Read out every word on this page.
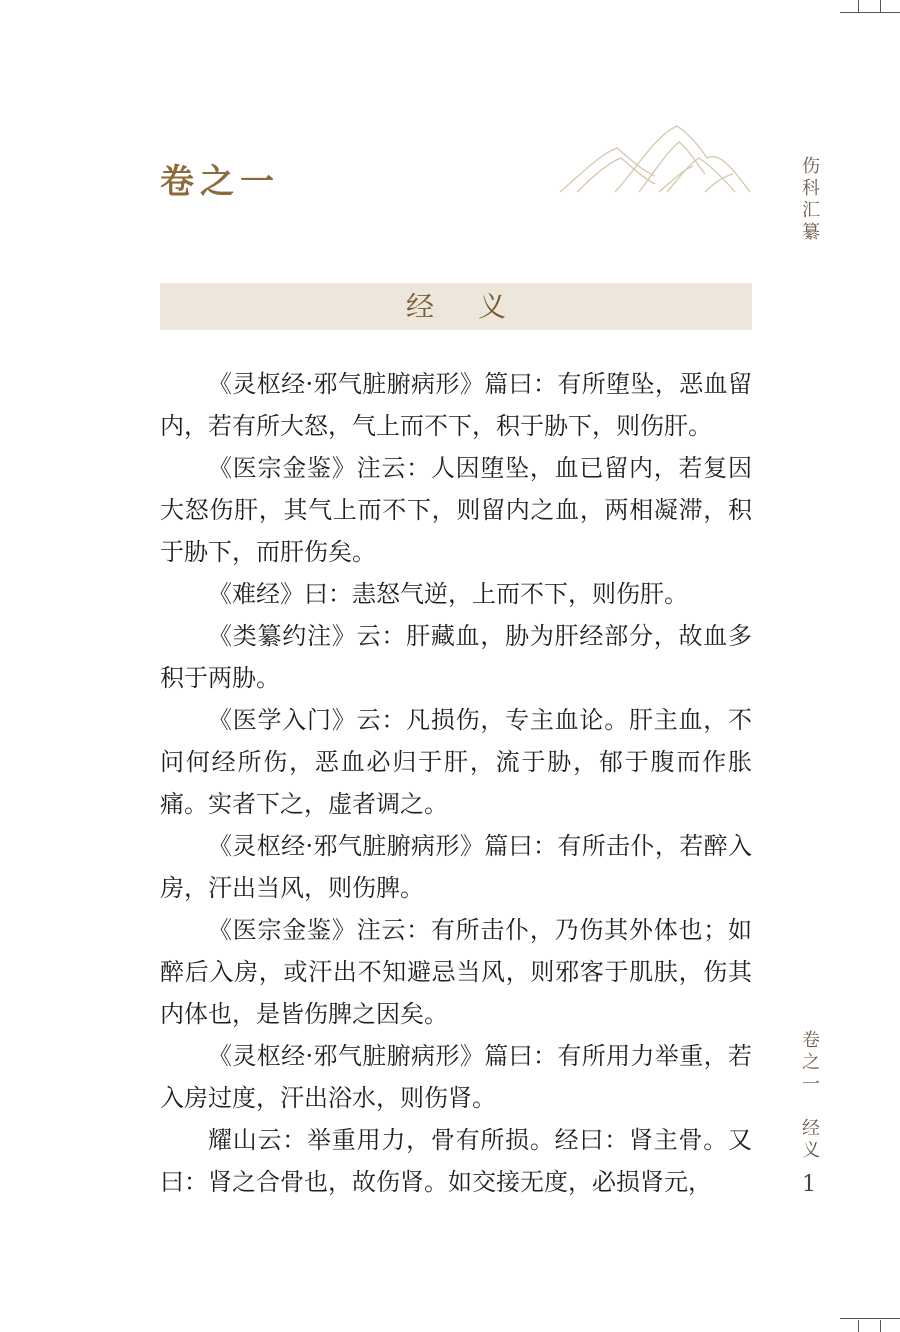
卷之一	伤科汇纂
经义

《灵枢经·邪气脏腑病形》篇曰：有所堕坠，恶血留内，若有所大怒，气上而不下，积于胁下，则伤肝。

《医宗金鉴》注云：人因堕坠，血已留内，若复因大怒伤肝，其气上而不下，则留内之血，两相凝滞，积于胁下，而肝伤矣。

《难经》曰：恚怒气逆，上而不下，则伤肝。

《类纂约注》云：肝藏血，胁为肝经部分，故血多积于两胁。

《医学入门》云：凡损伤，专主血论。肝主血，不问何经所伤，恶血必归于肝，流于胁，郁于腹而作胀痛。实者下之，虚者调之。

《灵枢经·邪气脏腑病形》篇曰：有所击仆，若醉入房，汗出当风，则伤脾。

《医宗金鉴》注云：有所击仆，乃伤其外体也；如醉后入房，或汗出不知避忌当风，则邪客于肌肤，伤其内体也，是皆伤脾之因矣。

《灵枢经·邪气脏腑病形》篇曰：有所用力举重，若入房过度，汗出浴水，则伤肾。

耀山云：举重用力，骨有所损。经曰：肾主骨。又曰：肾之合骨也，故伤肾。如交接无度，必损肾元，

卷之一　经义
1
